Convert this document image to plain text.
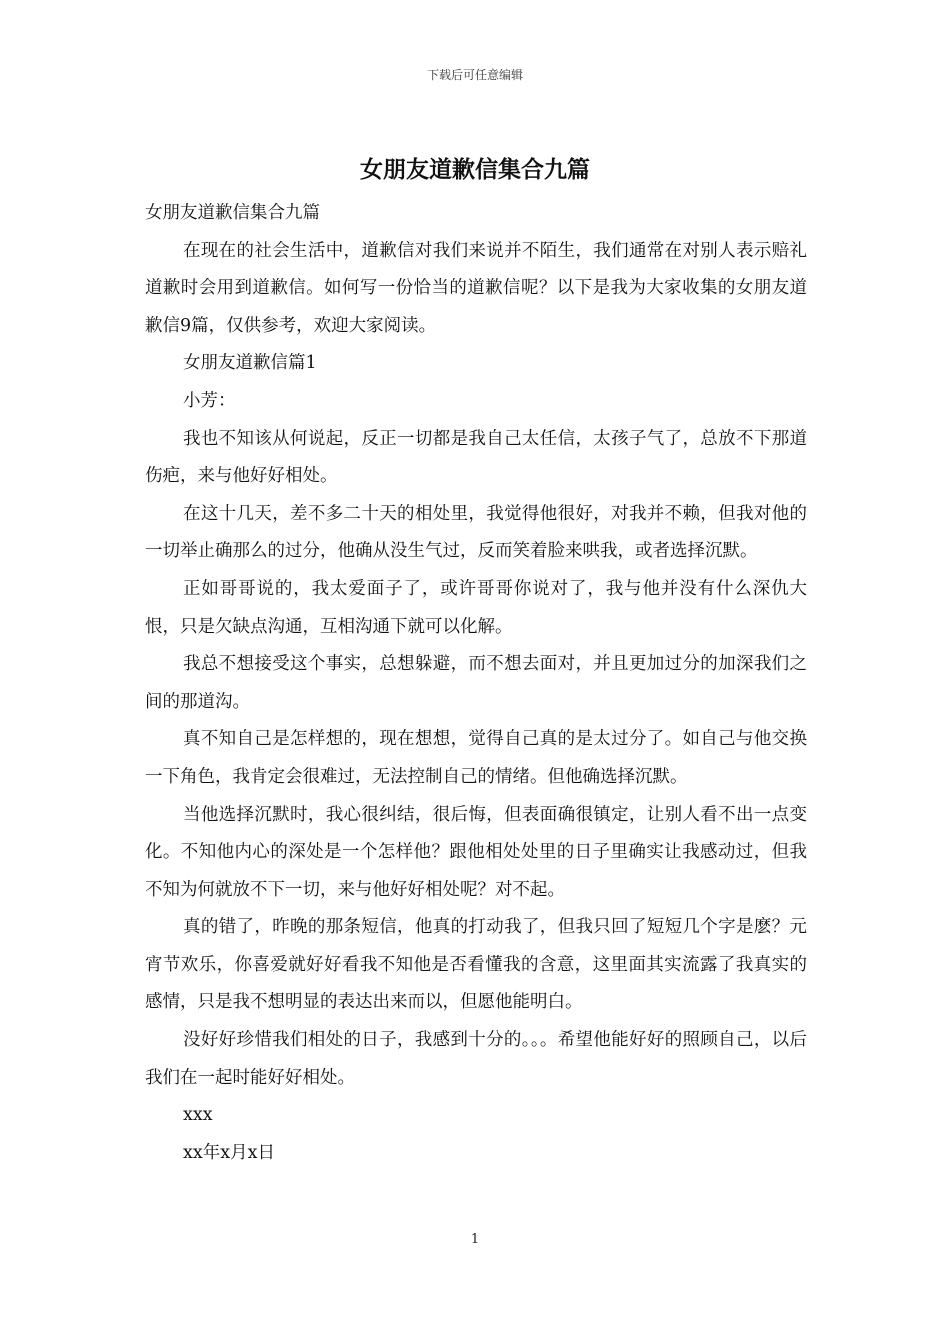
下载后可任意编辑
女朋友道歉信集合九篇

女朋友道歉信集合九篇

在现在的社会生活中，道歉信对我们来说并不陌生，我们通常在对别人表示赔礼道歉时会用到道歉信。如何写一份恰当的道歉信呢？以下是我为大家收集的女朋友道歉信9篇，仅供参考，欢迎大家阅读。

女朋友道歉信篇1

小芳：

我也不知该从何说起，反正一切都是我自己太任信，太孩子气了，总放不下那道伤疤，来与他好好相处。

在这十几天，差不多二十天的相处里，我觉得他很好，对我并不赖，但我对他的一切举止确那么的过分，他确从没生气过，反而笑着脸来哄我，或者选择沉默。

正如哥哥说的，我太爱面子了，或许哥哥你说对了，我与他并没有什么深仇大恨，只是欠缺点沟通，互相沟通下就可以化解。

我总不想接受这个事实，总想躲避，而不想去面对，并且更加过分的加深我们之间的那道沟。

真不知自己是怎样想的，现在想想，觉得自己真的是太过分了。如自己与他交换一下角色，我肯定会很难过，无法控制自己的情绪。但他确选择沉默。

当他选择沉默时，我心很纠结，很后悔，但表面确很镇定，让别人看不出一点变化。不知他内心的深处是一个怎样他？跟他相处处里的日子里确实让我感动过，但我不知为何就放不下一切，来与他好好相处呢？对不起。

真的错了，昨晚的那条短信，他真的打动我了，但我只回了短短几个字是麽？元宵节欢乐，你喜爱就好好看我不知他是否看懂我的含意，这里面其实流露了我真实的感情，只是我不想明显的表达出来而以，但愿他能明白。

没好好珍惜我们相处的日子，我感到十分的。。。希望他能好好的照顾自己，以后我们在一起时能好好相处。

xxx

xx年x月x日

1
